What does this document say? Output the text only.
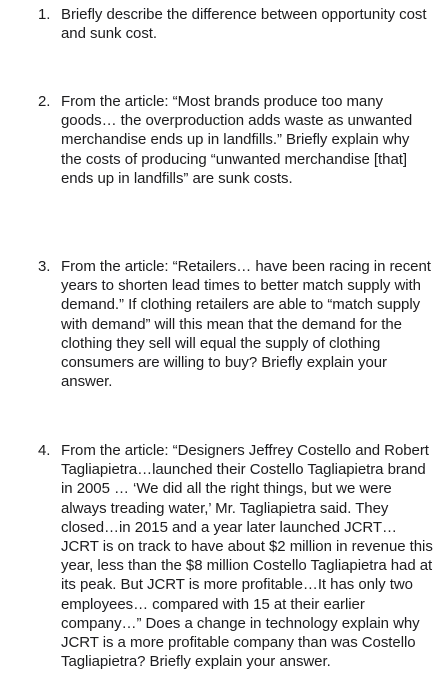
1. Briefly describe the difference between opportunity cost and sunk cost.
2. From the article: “Most brands produce too many goods… the overproduction adds waste as unwanted merchandise ends up in landfills.” Briefly explain why the costs of producing “unwanted merchandise [that] ends up in landfills” are sunk costs.
3. From the article: “Retailers… have been racing in recent years to shorten lead times to better match supply with demand.” If clothing retailers are able to “match supply with demand” will this mean that the demand for the clothing they sell will equal the supply of clothing consumers are willing to buy? Briefly explain your answer.
4. From the article: “Designers Jeffrey Costello and Robert Tagliapietra…launched their Costello Tagliapietra brand in 2005 … ‘We did all the right things, but we were always treading water,’ Mr. Tagliapietra said. They closed…in 2015 and a year later launched JCRT…JCRT is on track to have about $2 million in revenue this year, less than the $8 million Costello Tagliapietra had at its peak. But JCRT is more profitable…It has only two employees… compared with 15 at their earlier company…” Does a change in technology explain why JCRT is a more profitable company than was Costello Tagliapietra? Briefly explain your answer.
